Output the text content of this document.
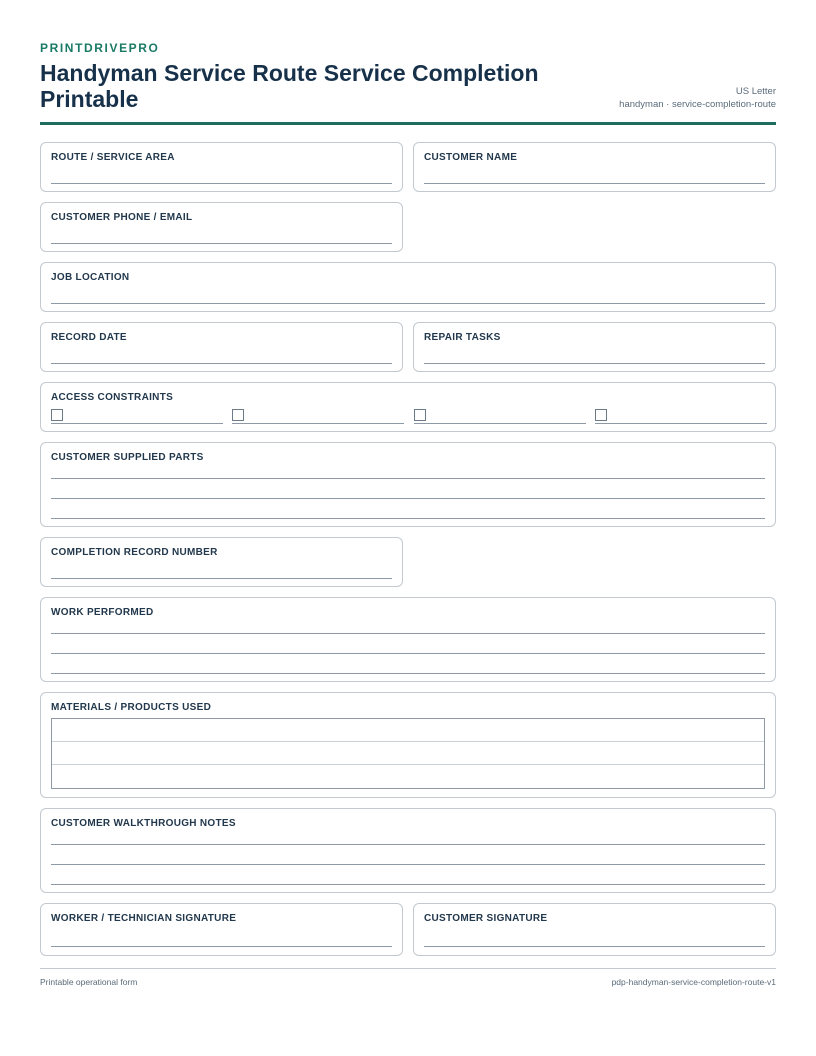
PRINTDRIVEPRO
Handyman Service Route Service Completion Printable	US Letter
handyman · service-completion-route
ROUTE / SERVICE AREA	CUSTOMER NAME
CUSTOMER PHONE / EMAIL
JOB LOCATION
RECORD DATE	REPAIR TASKS
ACCESS CONSTRAINTS
CUSTOMER SUPPLIED PARTS
COMPLETION RECORD NUMBER
WORK PERFORMED
MATERIALS / PRODUCTS USED
CUSTOMER WALKTHROUGH NOTES
WORKER / TECHNICIAN SIGNATURE	CUSTOMER SIGNATURE
Printable operational form	pdp-handyman-service-completion-route-v1
